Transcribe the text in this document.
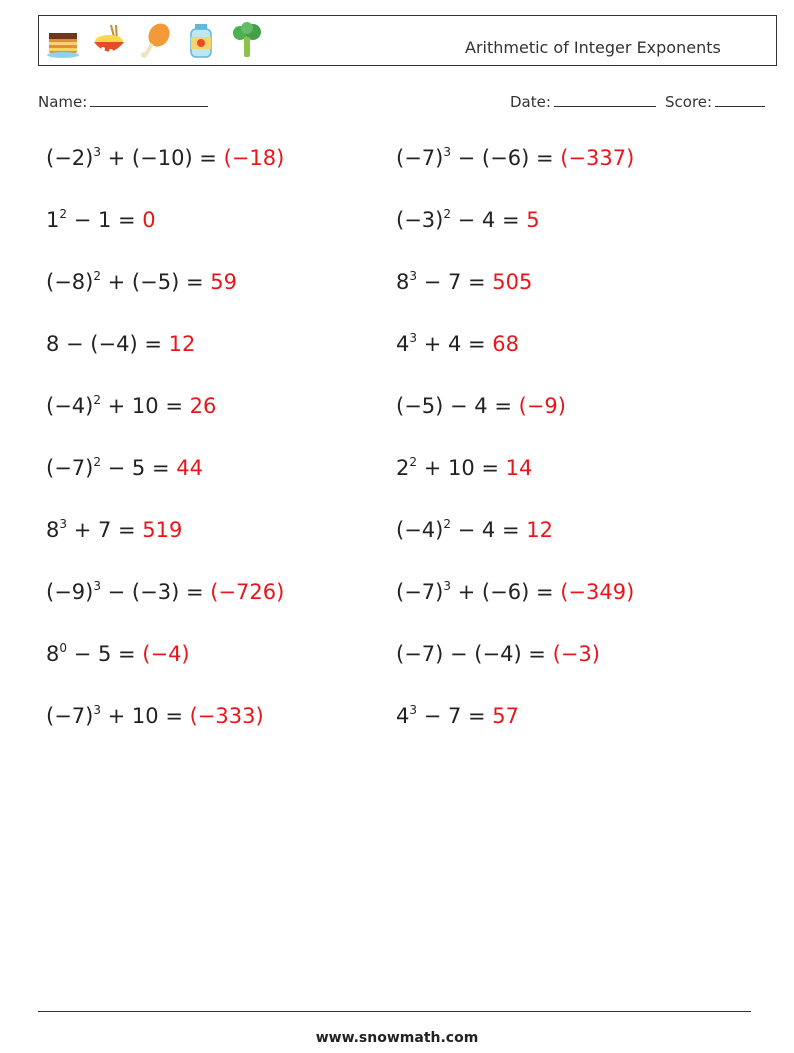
Arithmetic of Integer Exponents
Name:	Date:	Score:
$(-2)^3 + (-10) = (-18)$
$1^2 - 1 = 0$
$(-8)^2 + (-5) = 59$
8 − (−4) = 12
$(-4)^2 + 10 = 26$
$(-7)^2 - 5 = 44$
$8^3 + 7 = 519$
$(-9)^3 - (-3) = (-726)$
$8^0 - 5 = (-4)$
$(-7)^3 + 10 = (-333)$
$(-7)^3 - (-6) = (-337)$
$(-3)^2 - 4 = 5$
$8^3 - 7 = 505$
$4^3 + 4 = 68$
(−5) − 4 = (−9)
$2^2 + 10 = 14$
$(-4)^2 - 4 = 12$
$(-7)^3 + (-6) = (-349)$
(−7) − (−4) = (−3)
$4^3 - 7 = 57$
www.snowmath.com
